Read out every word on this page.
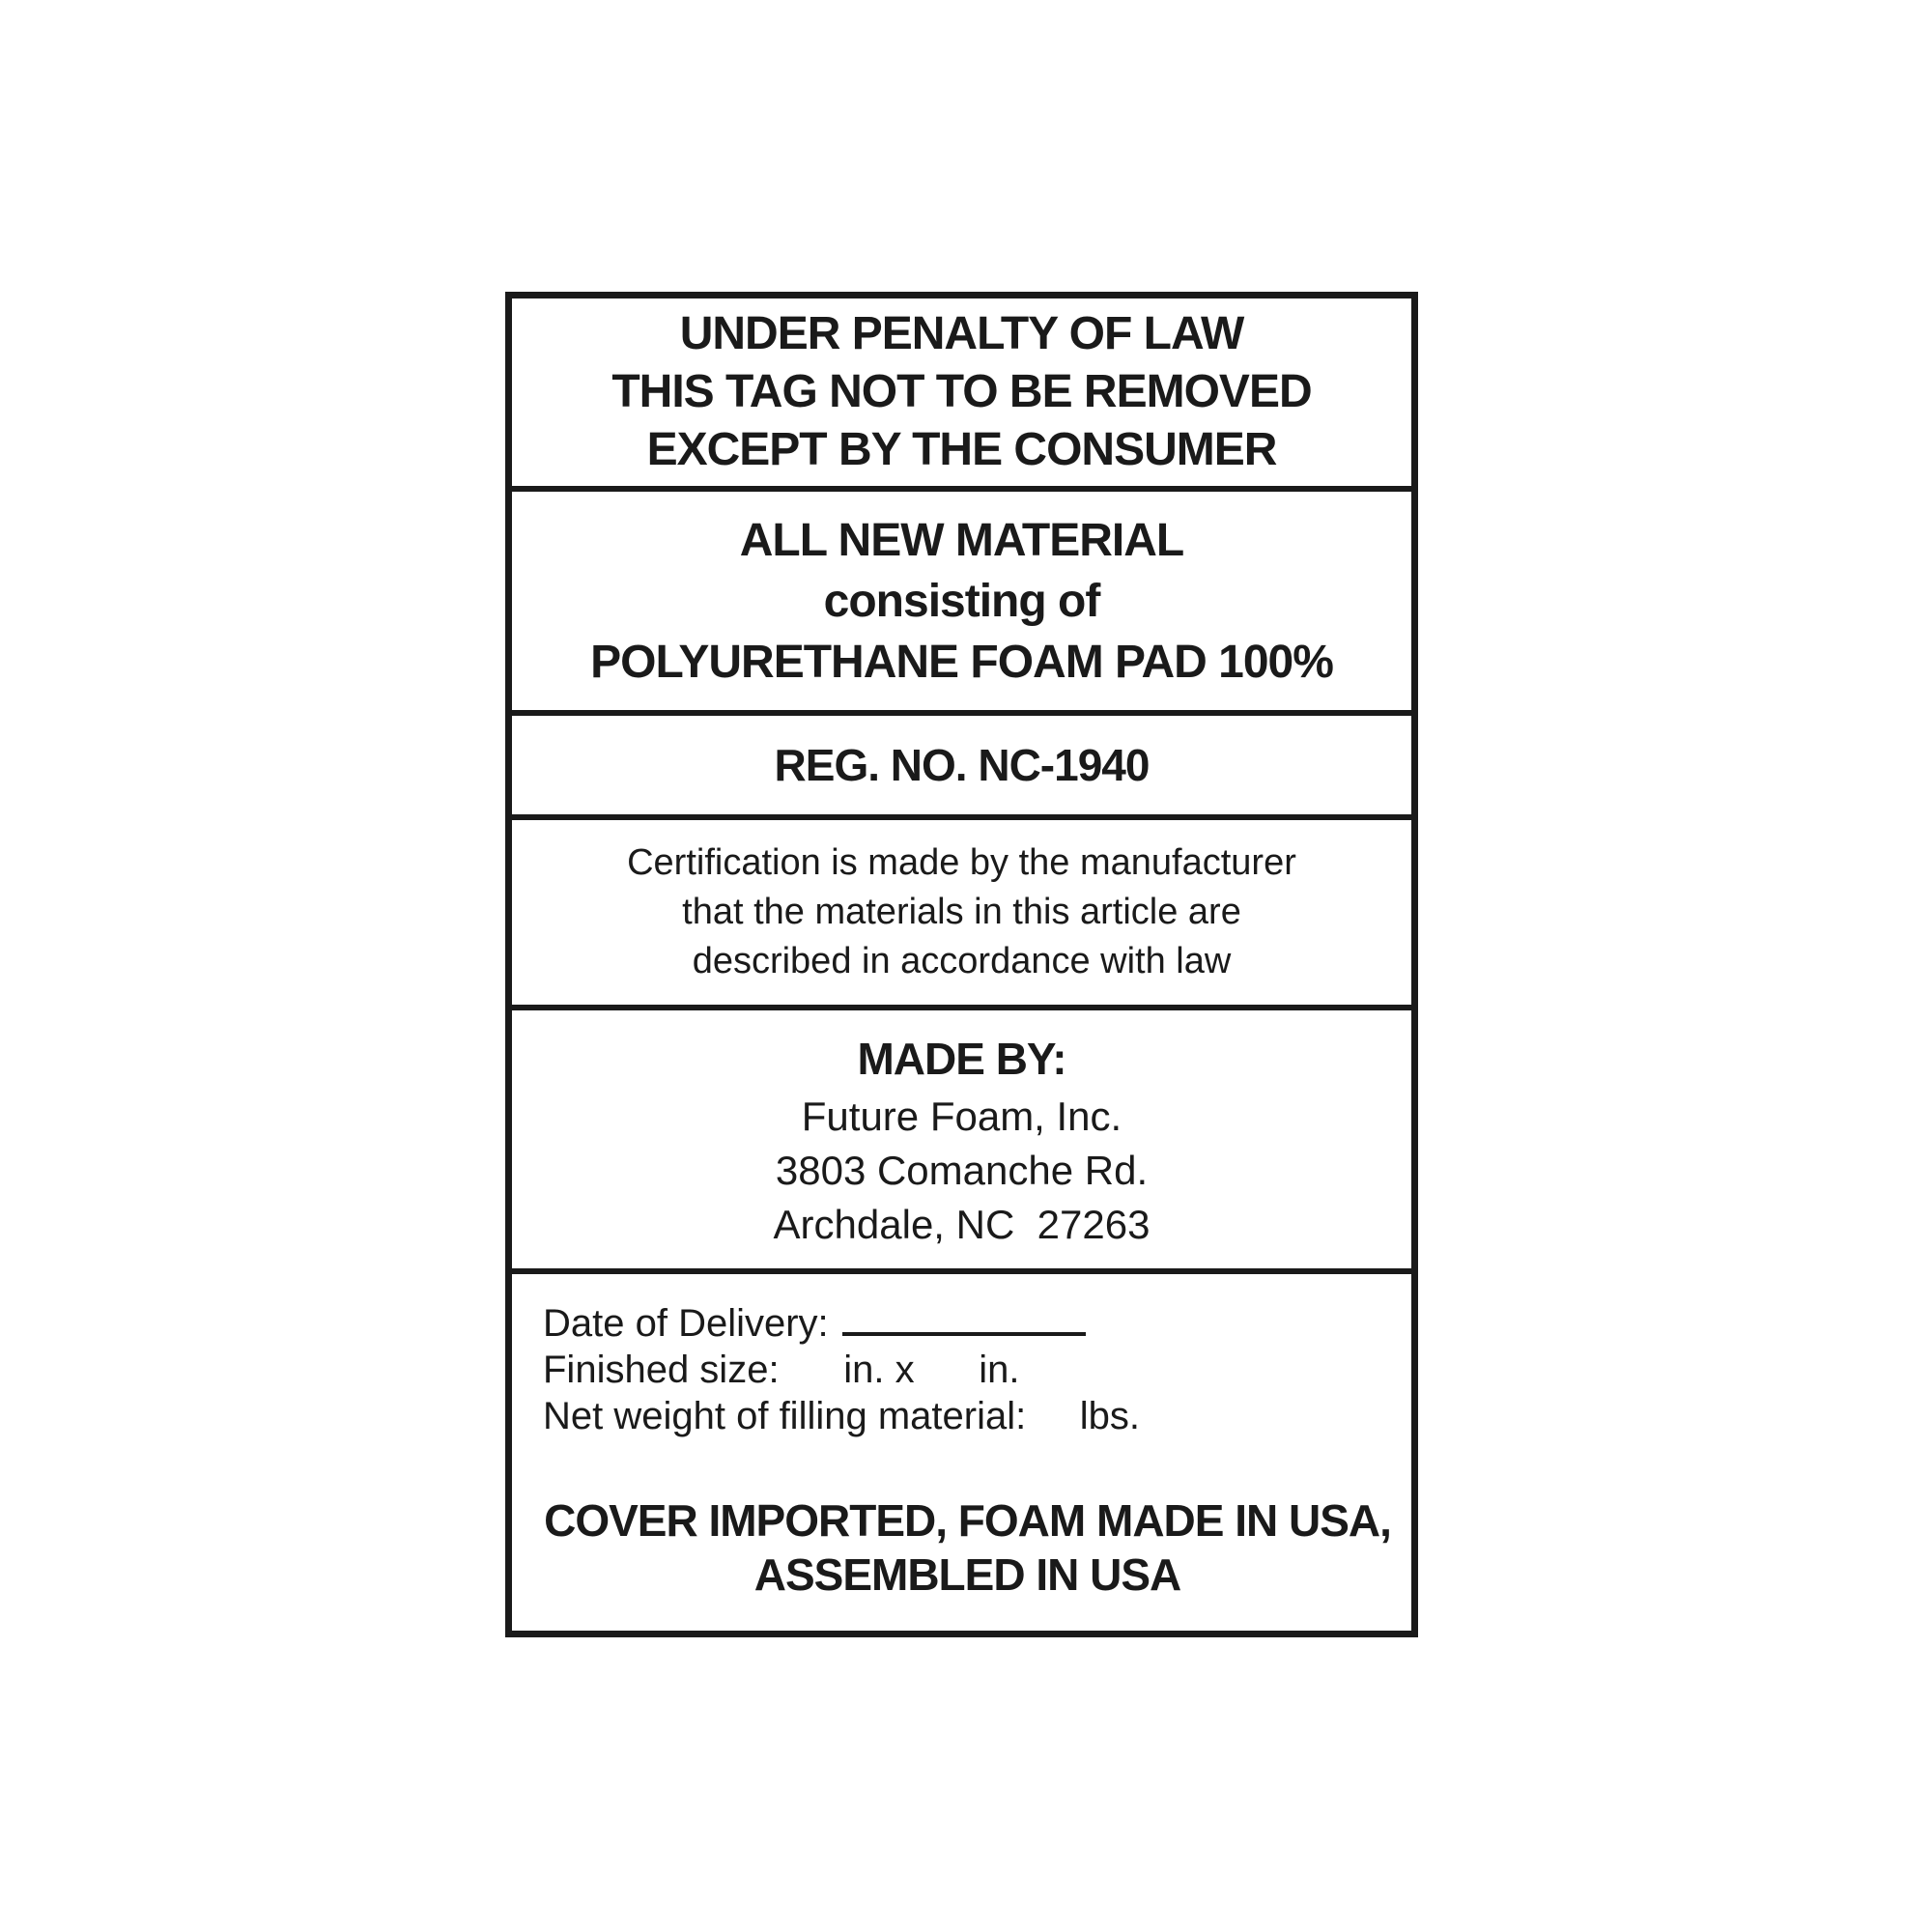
UNDER PENALTY OF LAW
THIS TAG NOT TO BE REMOVED
EXCEPT BY THE CONSUMER
ALL NEW MATERIAL
consisting of
POLYURETHANE FOAM PAD 100%
REG. NO. NC-1940
Certification is made by the manufacturer
that the materials in this article are
described in accordance with law
MADE BY:
Future Foam, Inc.
3803 Comanche Rd.
Archdale, NC  27263
Date of Delivery:
Finished size:      in. x      in.
Net weight of filling material:     lbs.
COVER IMPORTED, FOAM MADE IN USA,
ASSEMBLED IN USA
